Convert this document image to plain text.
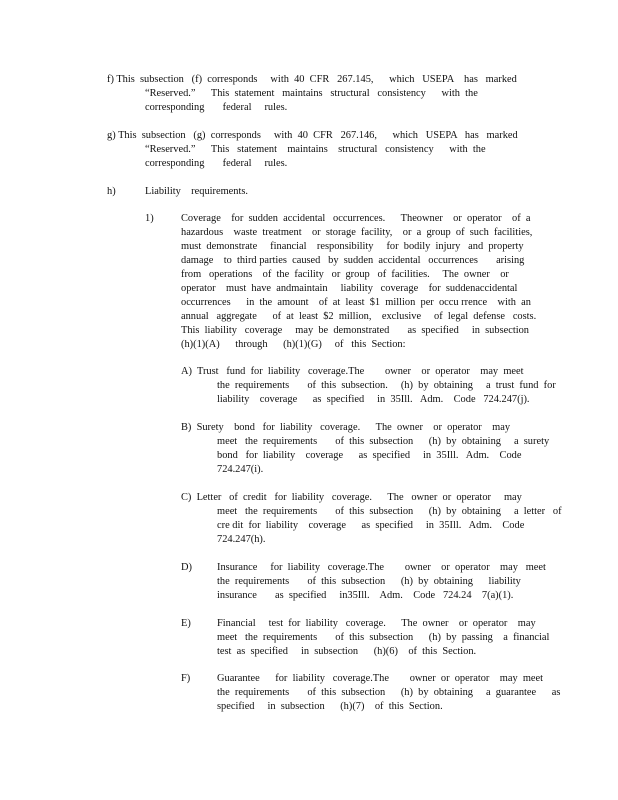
f) This  subsection   (f)  corresponds     with  40  CFR   267.145,      which   USEPA    has   marked
“Reserved.”      This  statement   maintains   structural   consistency      with  the
corresponding       federal     rules.
g) This  subsection   (g)  corresponds     with  40  CFR   267.146,      which   USEPA   has   marked
“Reserved.”      This   statement    maintains    structural   consistency      with  the
corresponding       federal     rules.
h)	Liability    requirements.
1)	Coverage    for  sudden  accidental   occurrences.      Theowner    or  operator    of  a
hazardous    waste  treatment    or  storage  facility,    or  a  group  of  such  facilities,
must  demonstrate     financial    responsibility     for  bodily  injury   and  property
damage    to  third parties  caused   by  sudden  accidental   occurrences       arising
from   operations    of  the  facility   or  group   of  facilities.     The  owner    or
operator    must  have  andmaintain     liability   coverage    for  suddenaccidental
occurrences      in  the  amount    of  at  least  $1  million  per  occu rrence    with  an
annual   aggregate      of  at  least  $2  million,    exclusive     of  legal  defense   costs.
This  liability   coverage     may  be  demonstrated       as  specified     in  subsection
(h)(1)(A)      through      (h)(1)(G)     of   this  Section:
A)  Trust   fund  for  liability   coverage.The        owner    or  operator    may  meet
the  requirements       of  this  subsection.     (h)  by  obtaining     a  trust  fund  for
liability    coverage      as  specified     in  35Ill.   Adm.    Code   724.247(j).
B)  Surety    bond   for  liability   coverage.      The  owner    or  operator    may
meet   the  requirements       of  this  subsection      (h)  by  obtaining     a  surety
bond   for  liability    coverage      as  specified     in  35Ill.   Adm.    Code
724.247(i).
C)  Letter   of  credit   for  liability   coverage.      The   owner  or  operator     may
meet   the  requirements       of  this  subsection      (h)  by  obtaining     a  letter   of
cre dit  for  liability    coverage      as  specified     in  35Ill.   Adm.    Code
724.247(h).
D) Insurance     for  liability   coverage.The        owner    or  operator    may   meet
the  requirements       of  this  subsection      (h)  by  obtaining      liability
insurance       as  specified     in35Ill.    Adm.    Code   724.24    7(a)(1).
E)	Financial     test  for  liability   coverage.      The  owner    or  operator    may
meet   the  requirements       of  this  subsection      (h)  by  passing    a  financial
test  as  specified     in  subsection      (h)(6)    of  this  Section.
F)	Guarantee      for  liability   coverage.The        owner  or  operator    may  meet
the  requirements       of  this  subsection      (h)  by  obtaining     a  guarantee      as
specified     in  subsection      (h)(7)    of  this  Section.
